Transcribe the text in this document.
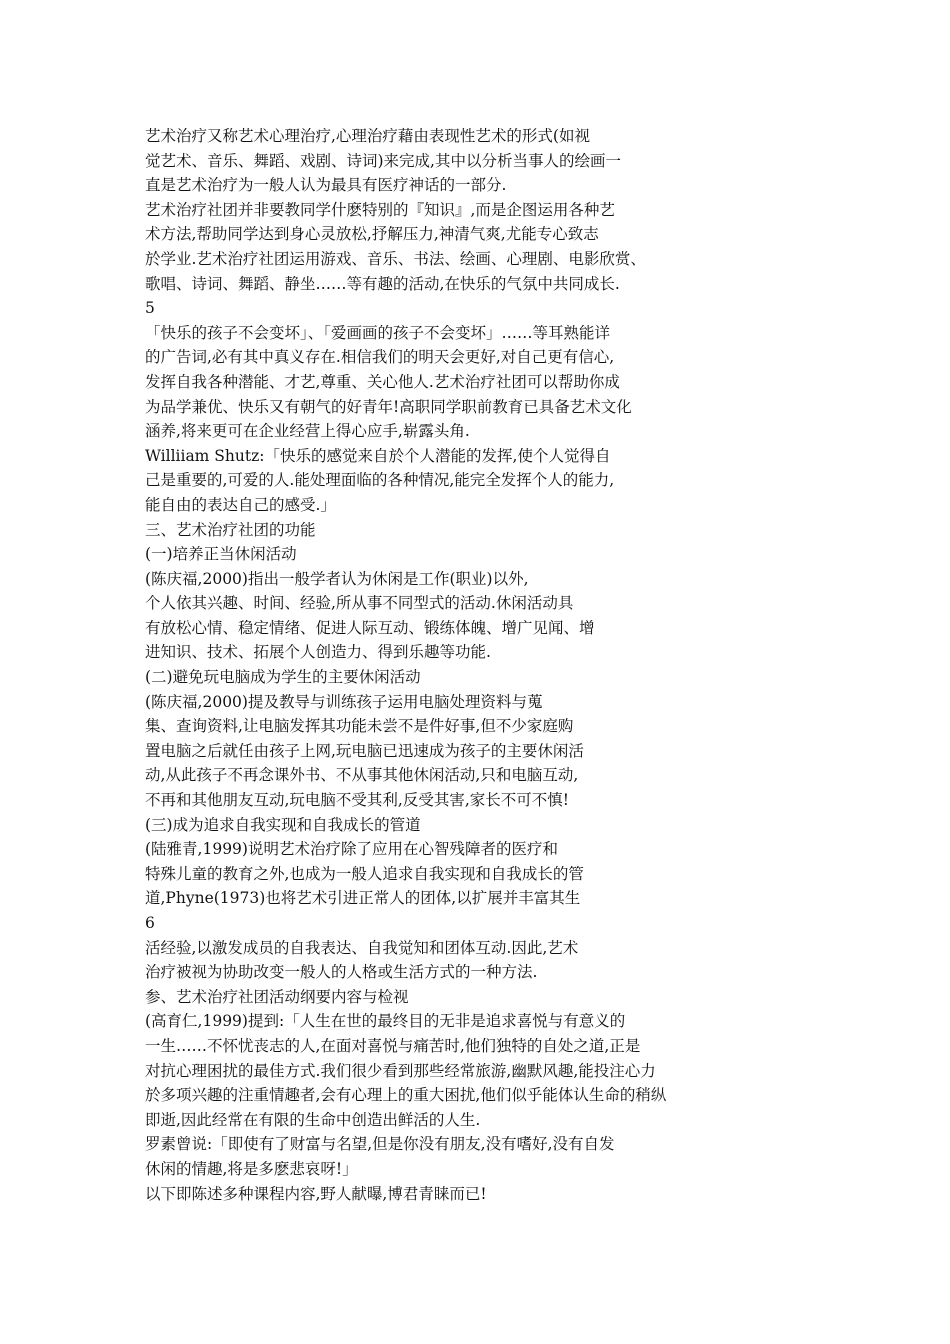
艺术治疗又称艺术心理治疗,心理治疗藉由表现性艺术的形式(如视
觉艺术、音乐、舞蹈、戏剧、诗词)来完成,其中以分析当事人的绘画一
直是艺术治疗为一般人认为最具有医疗神话的一部分.
艺术治疗社团并非要教同学什麽特别的『知识』,而是企图运用各种艺
术方法,帮助同学达到身心灵放松,抒解压力,神清气爽,尤能专心致志
於学业.艺术治疗社团运用游戏、音乐、书法、绘画、心理剧、电影欣赏、
歌唱、诗词、舞蹈、静坐……等有趣的活动,在快乐的气氛中共同成长.
5
「快乐的孩子不会变坏」、「爱画画的孩子不会变坏」……等耳熟能详
的广告词,必有其中真义存在.相信我们的明天会更好,对自己更有信心,
发挥自我各种潜能、才艺,尊重、关心他人.艺术治疗社团可以帮助你成
为品学兼优、快乐又有朝气的好青年!高职同学职前教育已具备艺术文化
涵养,将来更可在企业经营上得心应手,崭露头角.
Williiam Shutz:「快乐的感觉来自於个人潜能的发挥,使个人觉得自
己是重要的,可爱的人.能处理面临的各种情况,能完全发挥个人的能力,
能自由的表达自己的感受.」
三、艺术治疗社团的功能
(一)培养正当休闲活动
(陈庆福,2000)指出一般学者认为休闲是工作(职业)以外,
个人依其兴趣、时间、经验,所从事不同型式的活动.休闲活动具
有放松心情、稳定情绪、促进人际互动、锻练体魄、增广见闻、增
进知识、技术、拓展个人创造力、得到乐趣等功能.
(二)避免玩电脑成为学生的主要休闲活动
(陈庆福,2000)提及教导与训练孩子运用电脑处理资料与蒐
集、查询资料,让电脑发挥其功能未尝不是件好事,但不少家庭购
置电脑之后就任由孩子上网,玩电脑已迅速成为孩子的主要休闲活
动,从此孩子不再念课外书、不从事其他休闲活动,只和电脑互动,
不再和其他朋友互动,玩电脑不受其利,反受其害,家长不可不慎!
(三)成为追求自我实现和自我成长的管道
(陆雅青,1999)说明艺术治疗除了应用在心智残障者的医疗和
特殊儿童的教育之外,也成为一般人追求自我实现和自我成长的管
道,Phyne(1973)也将艺术引进正常人的团体,以扩展并丰富其生
6
活经验,以激发成员的自我表达、自我觉知和团体互动.因此,艺术
治疗被视为协助改变一般人的人格或生活方式的一种方法.
参、艺术治疗社团活动纲要内容与检视
(高育仁,1999)提到:「人生在世的最终目的无非是追求喜悦与有意义的
一生……不怀忧丧志的人,在面对喜悦与痛苦时,他们独特的自处之道,正是
对抗心理困扰的最佳方式.我们很少看到那些经常旅游,幽默风趣,能投注心力
於多项兴趣的注重情趣者,会有心理上的重大困扰,他们似乎能体认生命的稍纵
即逝,因此经常在有限的生命中创造出鲜活的人生.
罗素曾说:「即使有了财富与名望,但是你没有朋友,没有嗜好,没有自发
休闲的情趣,将是多麽悲哀呀!」
以下即陈述多种课程内容,野人献曝,博君青睐而已!
